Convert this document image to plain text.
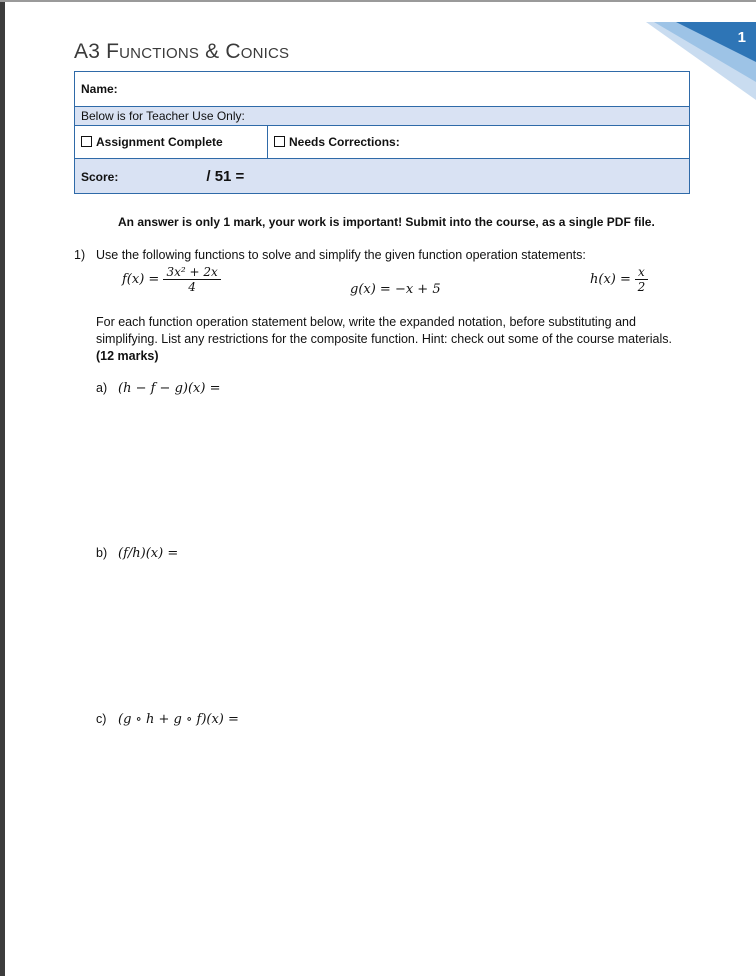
1
A3 Functions & Conics
Name:
Below is for Teacher Use Only:
Assignment Complete	Needs Corrections:
Score:	/ 51 =
An answer is only 1 mark, your work is important! Submit into the course, as a single PDF file.
1) Use the following functions to solve and simplify the given function operation statements:
$f(x) = \frac{\text{3x² + 2x}}{4}$	g(x) = −x + 5
$h(x) = \frac{x}{2}$
For each function operation statement below, write the expanded notation, before substituting and simplifying. List any restrictions for the composite function. Hint: check out some of the course materials.
(12 marks)
a) (h − f − g)(x) =
b) (f/h)(x) =
c) (g ∘ h + g ∘ f)(x) =
